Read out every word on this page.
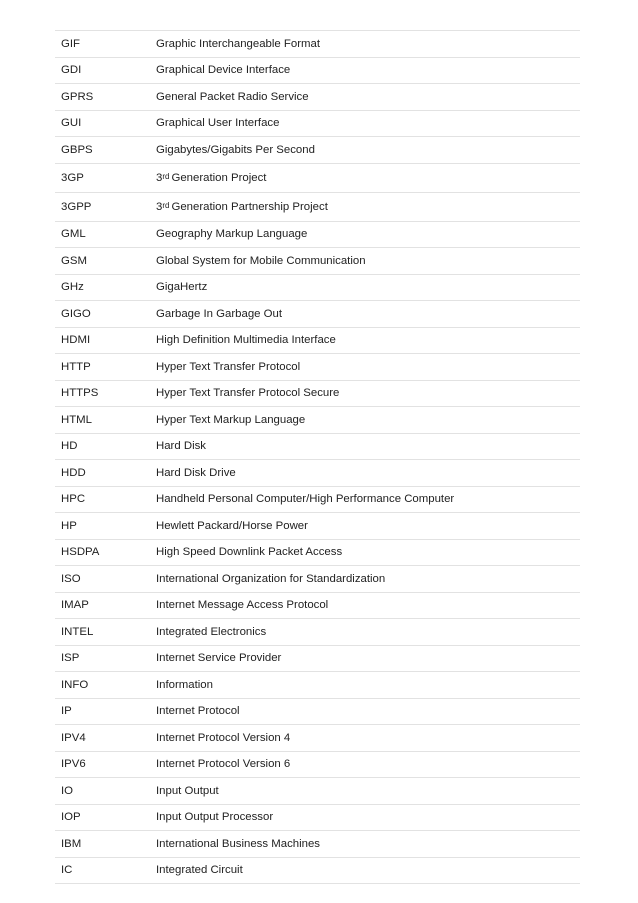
GIF	Graphic Interchangeable Format
GDI	Graphical Device Interface
GPRS	General Packet Radio Service
GUI	Graphical User Interface
GBPS	Gigabytes/Gigabits Per Second
3GP	3rd Generation Project
3GPP	3rd Generation Partnership Project
GML	Geography Markup Language
GSM	Global System for Mobile Communication
GHz	GigaHertz
GIGO	Garbage In Garbage Out
HDMI	High Definition Multimedia Interface
HTTP	Hyper Text Transfer Protocol
HTTPS	Hyper Text Transfer Protocol Secure
HTML	Hyper Text Markup Language
HD	Hard Disk
HDD	Hard Disk Drive
HPC	Handheld Personal Computer/High Performance Computer
HP	Hewlett Packard/Horse Power
HSDPA	High Speed Downlink Packet Access
ISO	International Organization for Standardization
IMAP	Internet Message Access Protocol
INTEL	Integrated Electronics
ISP	Internet Service Provider
INFO	Information
IP	Internet Protocol
IPV4	Internet Protocol Version 4
IPV6	Internet Protocol Version 6
IO	Input Output
IOP	Input Output Processor
IBM	International Business Machines
IC	Integrated Circuit
